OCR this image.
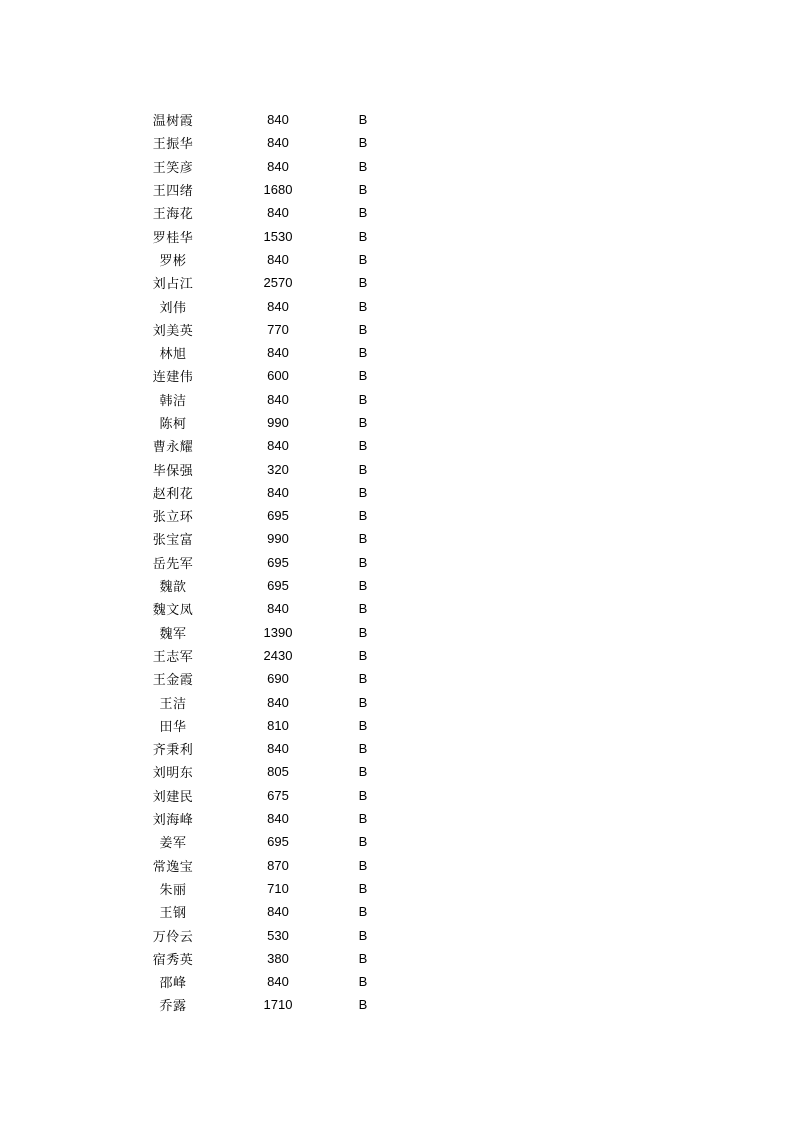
温树霞	840	B
王振华	840	B
王笑彦	840	B
王四绪	1680	B
王海花	840	B
罗桂华	1530	B
罗彬	840	B
刘占江	2570	B
刘伟	840	B
刘美英	770	B
林旭	840	B
连建伟	600	B
韩洁	840	B
陈柯	990	B
曹永耀	840	B
毕保强	320	B
赵利花	840	B
张立环	695	B
张宝富	990	B
岳先军	695	B
魏歆	695	B
魏文凤	840	B
魏军	1390	B
王志军	2430	B
王金霞	690	B
王洁	840	B
田华	810	B
齐秉利	840	B
刘明东	805	B
刘建民	675	B
刘海峰	840	B
姜军	695	B
常逸宝	870	B
朱丽	710	B
王钢	840	B
万伶云	530	B
宿秀英	380	B
邵峰	840	B
乔露	1710	B
